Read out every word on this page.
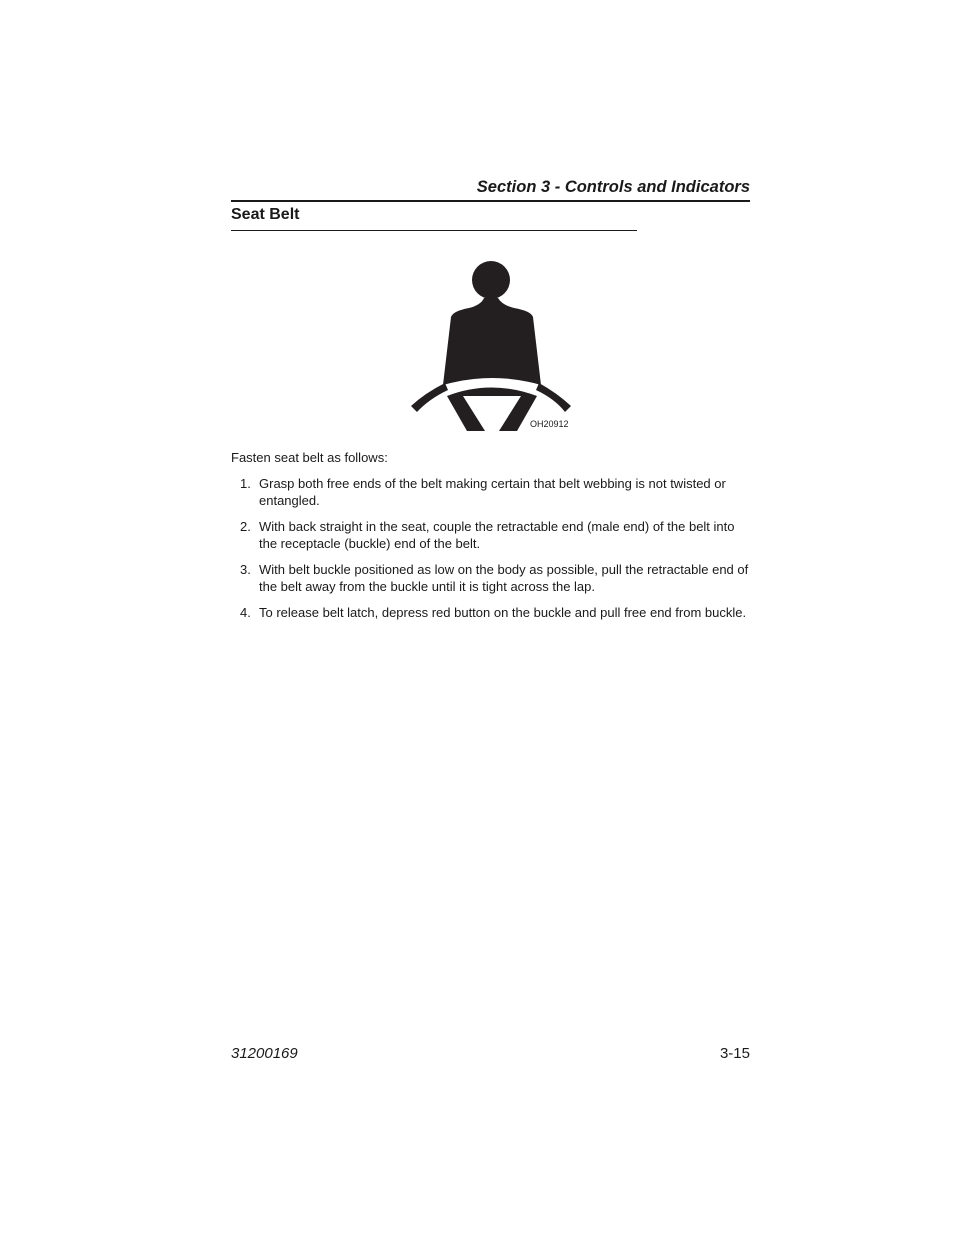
Section 3 - Controls and Indicators
Seat Belt
OH20912
Fasten seat belt as follows:
1. Grasp both free ends of the belt making certain that belt webbing is not twisted or entangled.
2. With back straight in the seat, couple the retractable end (male end) of the belt into the receptacle (buckle) end of the belt.
3. With belt buckle positioned as low on the body as possible, pull the retractable end of the belt away from the buckle until it is tight across the lap.
4. To release belt latch, depress red button on the buckle and pull free end from buckle.
31200169	3-15
